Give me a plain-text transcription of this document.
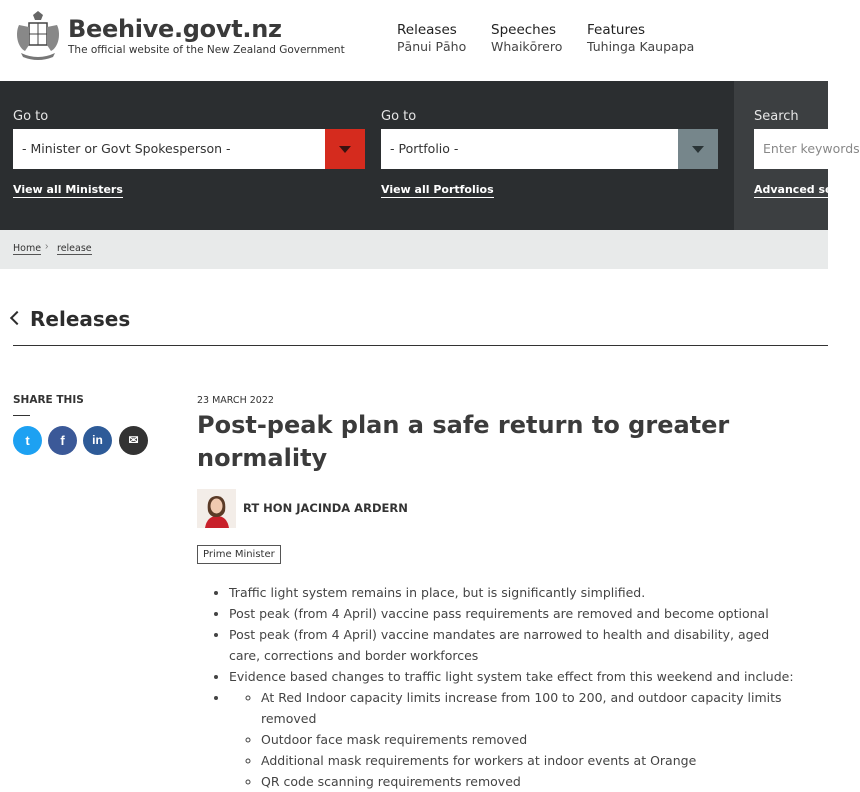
Beehive.govt.nz
The official website of the New Zealand Government
Releases
Pānui Pāho
Speeches
Whaikōrero
Features
Tuhinga Kaupapa
Go to
- Minister or Govt Spokesperson -
View all Ministers
Go to
- Portfolio -
View all Portfolios
Search
Enter keywords
Advanced search
Home › release
Releases
SHARE THIS
t	f	in	✉
23 MARCH 2022
Post-peak plan a safe return to greater normality
RT HON JACINDA ARDERN
Prime Minister
• Traffic light system remains in place, but is significantly simplified.
• Post peak (from 4 April) vaccine pass requirements are removed and become optional
• Post peak (from 4 April) vaccine mandates are narrowed to health and disability, aged care, corrections and border workforces
• Evidence based changes to traffic light system take effect from this weekend and include:
◦ • At Red Indoor capacity limits increase from 100 to 200, and outdoor capacity limits removed
◦ Outdoor face mask requirements removed
◦ Additional mask requirements for workers at indoor events at Orange
◦ QR code scanning requirements removed
